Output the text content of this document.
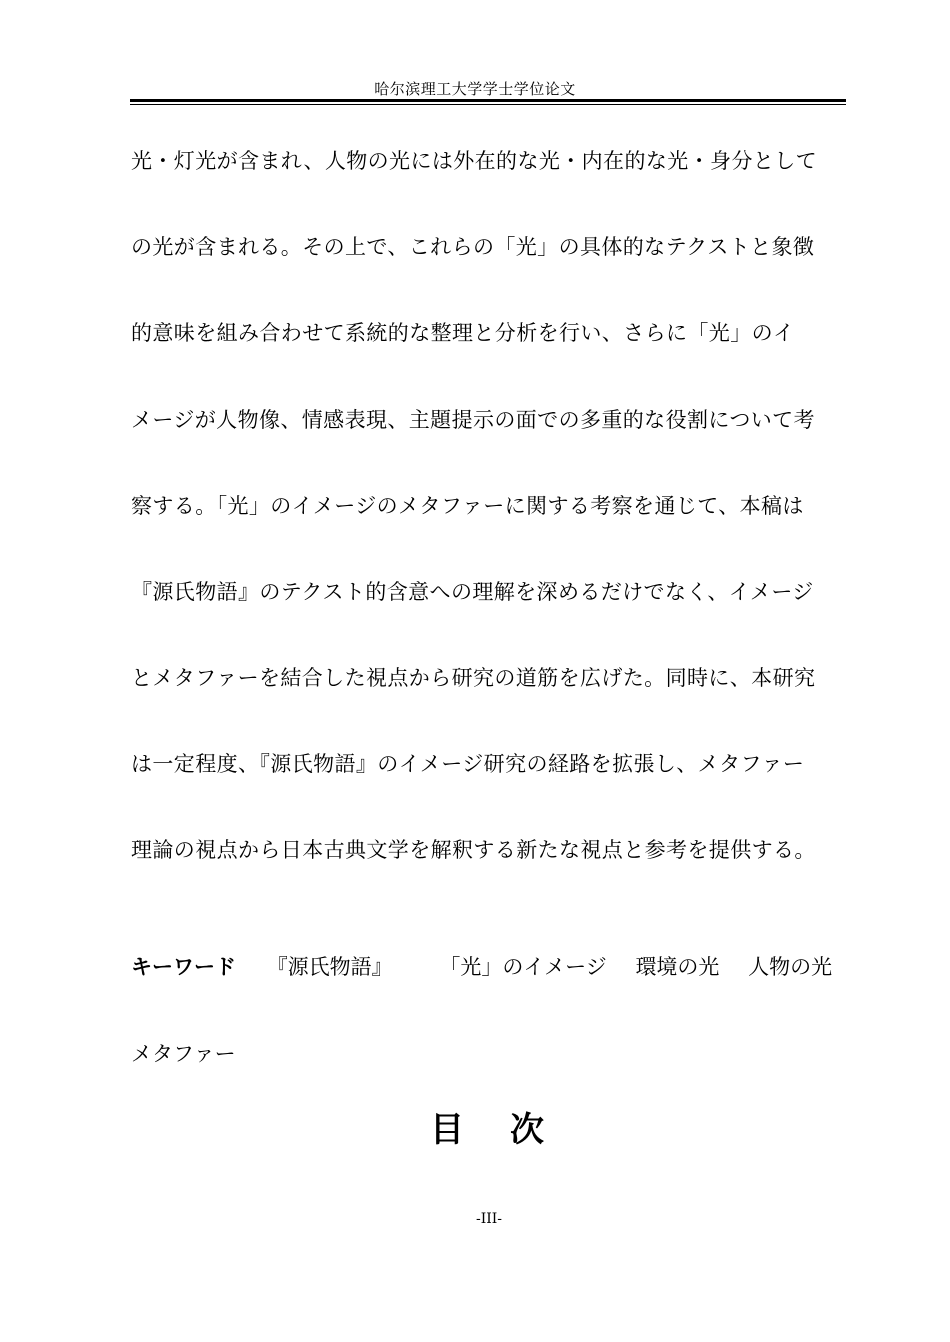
哈尔滨理工大学学士学位论文
光・灯光が含まれ、人物の光には外在的な光・内在的な光・身分として
の光が含まれる。その上で、これらの「光」の具体的なテクストと象徴
的意味を組み合わせて系統的な整理と分析を行い、さらに「光」のイ
メージが人物像、情感表現、主題提示の面での多重的な役割について考
察する。「光」のイメージのメタファーに関する考察を通じて、本稿は
『源氏物語』のテクスト的含意への理解を深めるだけでなく、イメージ
とメタファーを結合した視点から研究の道筋を広げた。同時に、本研究
は一定程度、『源氏物語』のイメージ研究の経路を拡張し、メタファー
理論の視点から日本古典文学を解釈する新たな視点と参考を提供する。
キーワード 『源氏物語』 「光」のイメージ 環境の光 人物の光
メタファー
目　次
-III-
